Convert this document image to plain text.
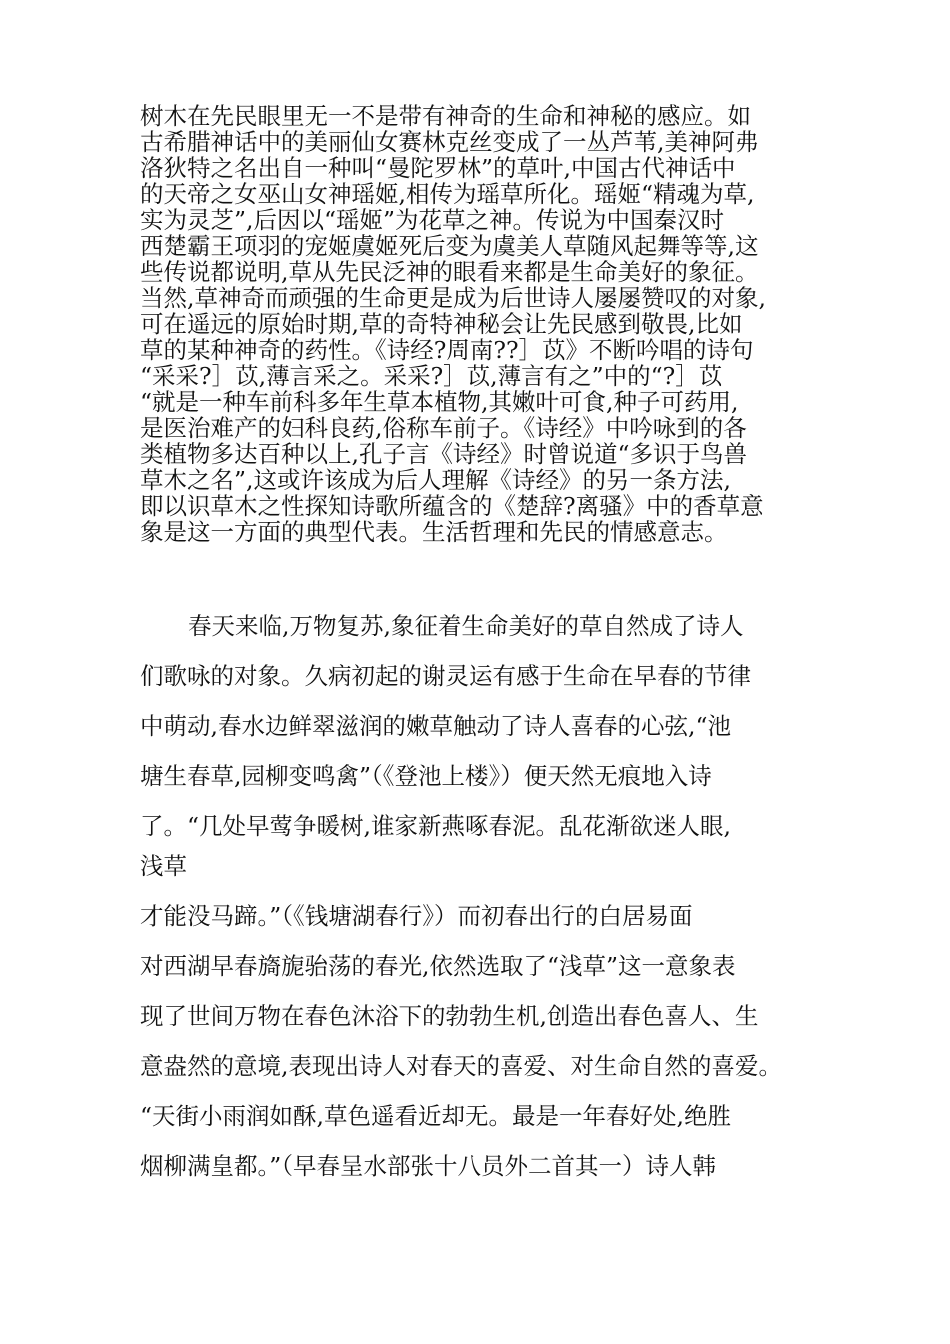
树木在先民眼里无一不是带有神奇的生命和神秘的感应。如
古希腊神话中的美丽仙女赛林克丝变成了一丛芦苇,美神阿弗
洛狄特之名出自一种叫“曼陀罗林”的草叶,中国古代神话中
的天帝之女巫山女神瑶姬,相传为瑶草所化。瑶姬“精魂为草,
实为灵芝”,后因以“瑶姬”为花草之神。传说为中国秦汉时
西楚霸王项羽的宠姬虞姬死后变为虞美人草随风起舞等等,这
些传说都说明,草从先民泛神的眼看来都是生命美好的象征。
当然,草神奇而顽强的生命更是成为后世诗人屡屡赞叹的对象,
可在遥远的原始时期,草的奇特神秘会让先民感到敬畏,比如
草的某种神奇的药性。《诗经?周南??］苡》不断吟唱的诗句
“采采?］苡,薄言采之。采采?］苡,薄言有之”中的“?］苡
“就是一种车前科多年生草本植物,其嫩叶可食,种子可药用,
是医治难产的妇科良药,俗称车前子。《诗经》中吟咏到的各
类植物多达百种以上,孔子言《诗经》时曾说道“多识于鸟兽
草木之名”,这或许该成为后人理解《诗经》的另一条方法,
即以识草木之性探知诗歌所蕴含的《楚辞?离骚》中的香草意
象是这一方面的典型代表。生活哲理和先民的情感意志。
春天来临,万物复苏,象征着生命美好的草自然成了诗人
们歌咏的对象。久病初起的谢灵运有感于生命在早春的节律
中萌动,春水边鲜翠滋润的嫩草触动了诗人喜春的心弦,“池
塘生春草,园柳变鸣禽”（《登池上楼》）便天然无痕地入诗
了。“几处早莺争暖树,谁家新燕啄春泥。乱花渐欲迷人眼,
浅草
才能没马蹄。”（《钱塘湖春行》）而初春出行的白居易面
对西湖早春旖旎骀荡的春光,依然选取了“浅草”这一意象表
现了世间万物在春色沐浴下的勃勃生机,创造出春色喜人、生
意盎然的意境,表现出诗人对春天的喜爱、对生命自然的喜爱。
“天街小雨润如酥,草色遥看近却无。最是一年春好处,绝胜
烟柳满皇都。”（早春呈水部张十八员外二首其一）诗人韩
